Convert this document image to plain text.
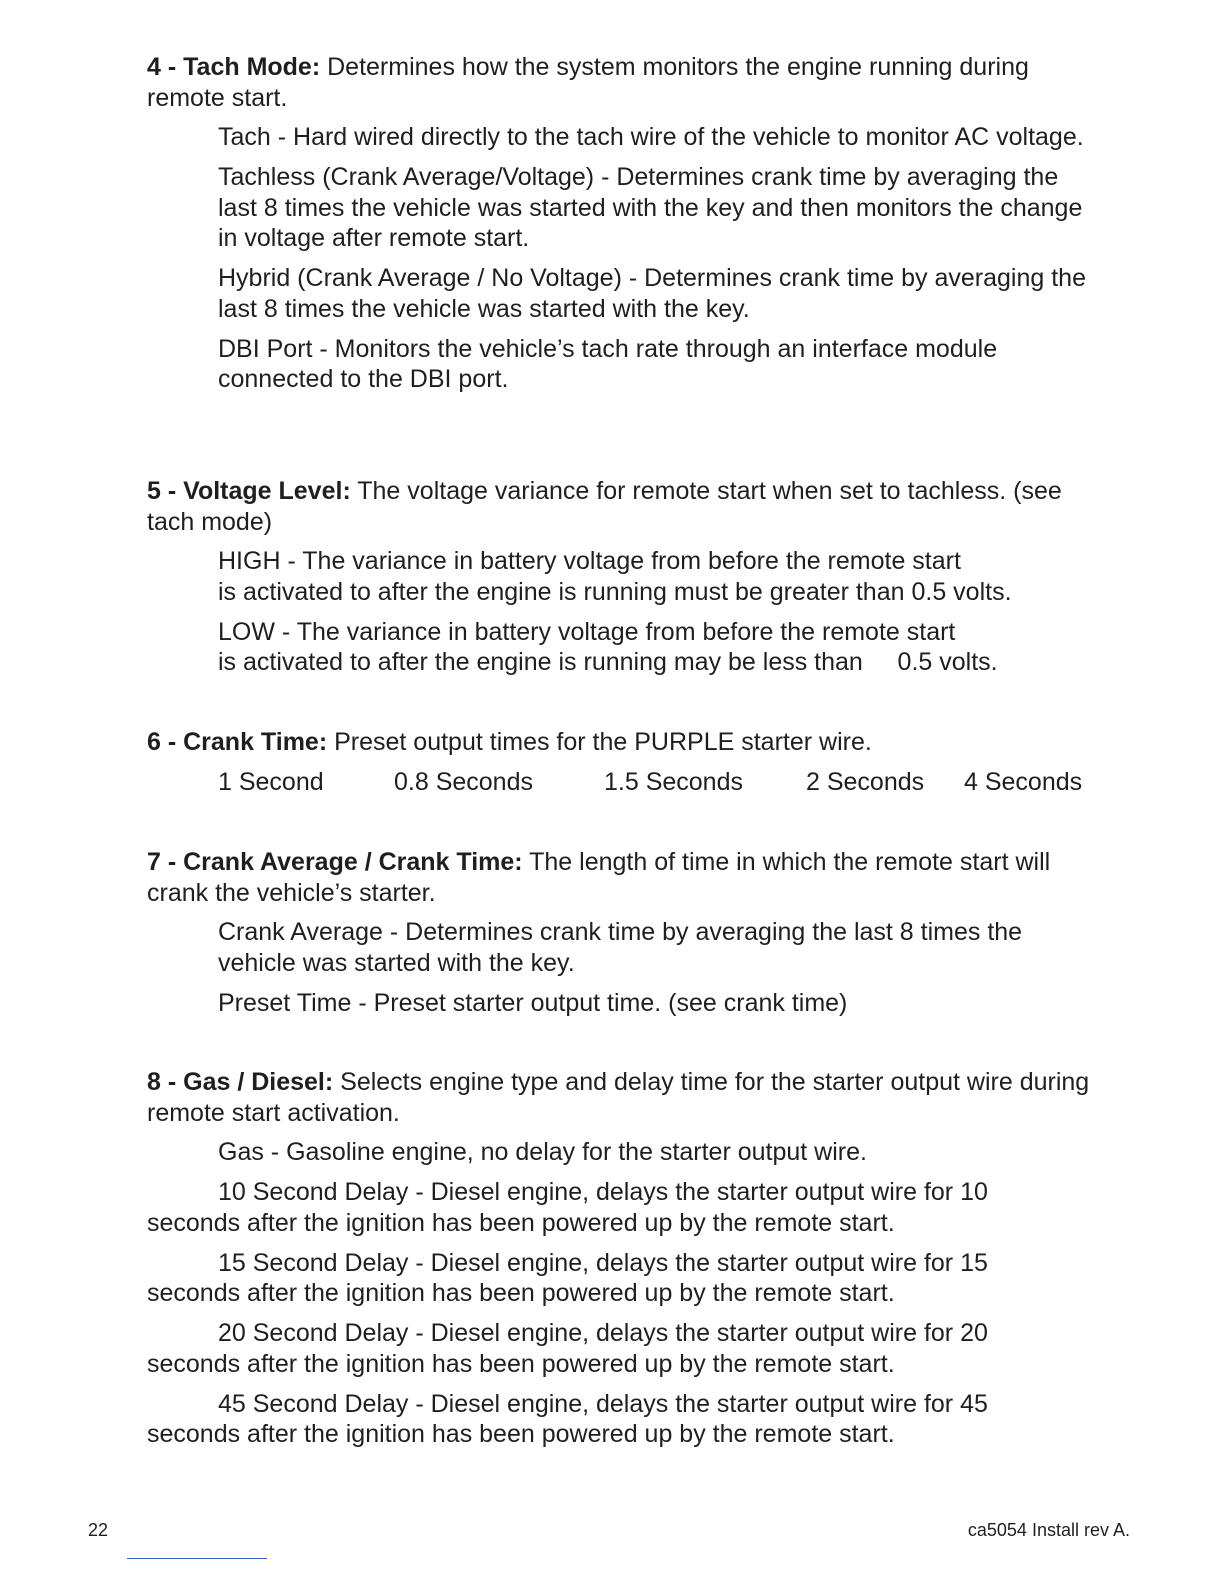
4 - Tach Mode: Determines how the system monitors the engine running during remote start.

Tach - Hard wired directly to the tach wire of the vehicle to monitor AC voltage.

Tachless (Crank Average/Voltage) - Determines crank time by averaging the last 8 times the vehicle was started with the key and then monitors the change in voltage after remote start.

Hybrid (Crank Average / No Voltage) - Determines crank time by averaging the last 8 times the vehicle was started with the key.

DBI Port - Monitors the vehicle’s tach rate through an interface module connected to the DBI port.

5 - Voltage Level: The voltage variance for remote start when set to tachless. (see tach mode)

HIGH - The variance in battery voltage from before the remote start
is activated to after the engine is running must be greater than 0.5 volts.

LOW - The variance in battery voltage from before the remote start
is activated to after the engine is running may be less than     0.5 volts.

6 - Crank Time: Preset output times for the PURPLE starter wire.

1 Second	0.8 Seconds	1.5 Seconds	2 Seconds 4 Seconds

7 - Crank Average / Crank Time: The length of time in which the remote start will crank the vehicle’s starter.

Crank Average - Determines crank time by averaging the last 8 times the vehicle was started with the key.

Preset Time - Preset starter output time. (see crank time)

8 - Gas / Diesel: Selects engine type and delay time for the starter output wire during remote start activation.

Gas - Gasoline engine, no delay for the starter output wire.

10 Second Delay - Diesel engine, delays the starter output wire for 10 seconds after the ignition has been powered up by the remote start.

15 Second Delay - Diesel engine, delays the starter output wire for 15 seconds after the ignition has been powered up by the remote start.

20 Second Delay - Diesel engine, delays the starter output wire for 20 seconds after the ignition has been powered up by the remote start.

45 Second Delay - Diesel engine, delays the starter output wire for 45 seconds after the ignition has been powered up by the remote start.

22	ca5054 Install rev A.
